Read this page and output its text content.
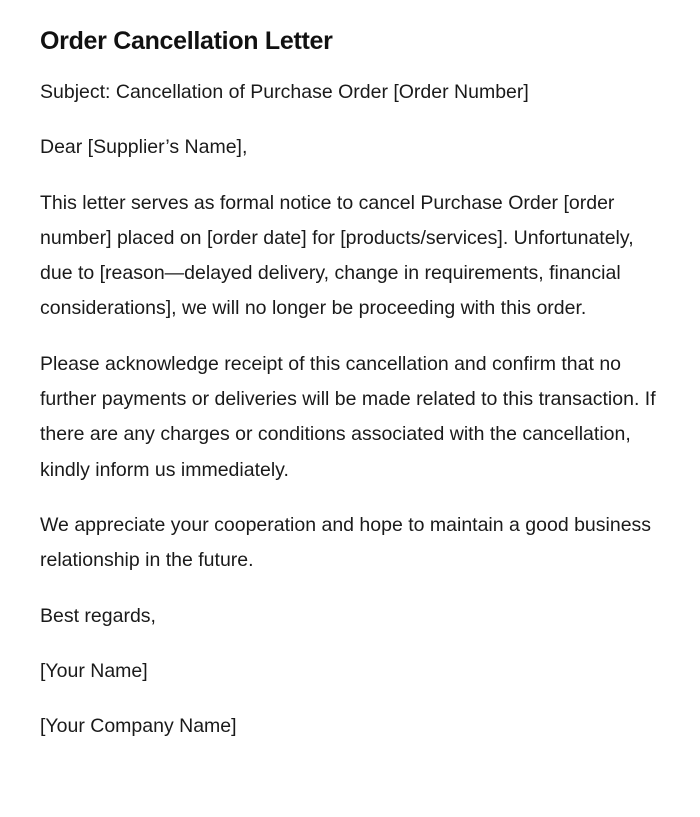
Order Cancellation Letter

Subject: Cancellation of Purchase Order [Order Number]

Dear [Supplier’s Name],

This letter serves as formal notice to cancel Purchase Order [order number] placed on [order date] for [products/services]. Unfortunately, due to [reason—delayed delivery, change in requirements, financial considerations], we will no longer be proceeding with this order.

Please acknowledge receipt of this cancellation and confirm that no further payments or deliveries will be made related to this transaction. If there are any charges or conditions associated with the cancellation, kindly inform us immediately.

We appreciate your cooperation and hope to maintain a good business relationship in the future.

Best regards,

[Your Name]

[Your Company Name]
